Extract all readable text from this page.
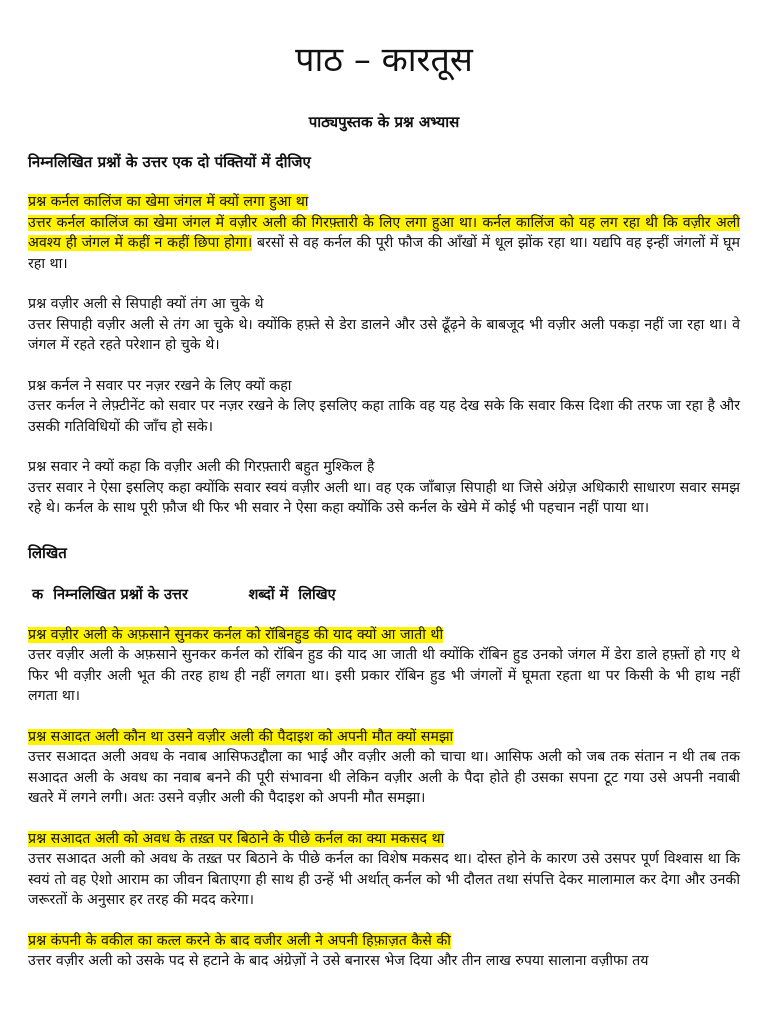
पाठ – कारतूस
पाठ्यपुस्तक के प्रश्न अभ्यास
निम्नलिखित प्रश्नों के उत्तर एक दो पंक्तियों में दीजिए

प्रश्न कर्नल कालिंज का खेमा जंगल में क्यों लगा हुआ था

उत्तर कर्नल कालिंज का खेमा जंगल में वज़ीर अली की गिरफ़्तारी के लिए लगा हुआ था। कर्नल कालिंज को यह लग रहा थी कि वज़ीर अली अवश्य ही जंगल में कहीं न कहीं छिपा होगा। बरसों से वह कर्नल की पूरी फौज की आँखों में धूल झोंक रहा था। यद्यपि वह इन्हीं जंगलों में घूम रहा था।

प्रश्न वज़ीर अली से सिपाही क्यों तंग आ चुके थे

उत्तर सिपाही वज़ीर अली से तंग आ चुके थे। क्योंकि हफ़्ते से डेरा डालने और उसे ढूँढ़ने के बाबजूद भी वज़ीर अली पकड़ा नहीं जा रहा था। वे जंगल में रहते रहते परेशान हो चुके थे।

प्रश्न कर्नल ने सवार पर नज़र रखने के लिए क्यों कहा

उत्तर कर्नल ने लेफ़्टीनेंट को सवार पर नज़र रखने के लिए इसलिए कहा ताकि वह यह देख सके कि सवार किस दिशा की तरफ जा रहा है और उसकी गतिविधियों की जाँच हो सके।

प्रश्न सवार ने क्यों कहा कि वज़ीर अली की गिरफ़्तारी बहुत मुश्किल है

उत्तर सवार ने ऐसा इसलिए कहा क्योंकि सवार स्वयं वज़ीर अली था। वह एक जाँबाज़ सिपाही था जिसे अंग्रेज़ अधिकारी साधारण सवार समझ रहे थे। कर्नल के साथ पूरी फ़ौज थी फिर भी सवार ने ऐसा कहा क्योंकि उसे कर्नल के खेमे में कोई भी पहचान नहीं पाया था।

लिखित
क  निम्नलिखित प्रश्नों के उत्तर            शब्दों में  लिखिए

प्रश्न वज़ीर अली के अफ़साने सुनकर कर्नल को रॉबिनहुड की याद क्यों आ जाती थी

उत्तर वज़ीर अली के अफ़साने सुनकर कर्नल को रॉबिन हुड की याद आ जाती थी क्योंकि रॉबिन हुड उनको जंगल में डेरा डाले हफ़्तों हो गए थे फिर भी वज़ीर अली भूत की तरह हाथ ही नहीं लगता था। इसी प्रकार रॉबिन हुड भी जंगलों में घूमता रहता था पर किसी के भी हाथ नहीं लगता था।

प्रश्न सआदत अली कौन था उसने वज़ीर अली की पैदाइश को अपनी मौत क्यों समझा

उत्तर सआदत अली अवध के नवाब आसिफउद्दौला का भाई और वज़ीर अली को चाचा था। आसिफ अली को जब तक संतान न थी तब तक सआदत अली के अवध का नवाब बनने की पूरी संभावना थी लेकिन वज़ीर अली के पैदा होते ही उसका सपना टूट गया उसे अपनी नवाबी खतरे में लगने लगी। अतः उसने वज़ीर अली की पैदाइश को अपनी मौत समझा।

प्रश्न सआदत अली को अवध के तख़्त पर बिठाने के पीछे कर्नल का क्या मकसद था

उत्तर सआदत अली को अवध के तख़्त पर बिठाने के पीछे कर्नल का विशेष मकसद था। दोस्त होने के कारण उसे उसपर पूर्ण विश्वास था कि स्वयं तो वह ऐशो आराम का जीवन बिताएगा ही साथ ही उन्हें भी अर्थात् कर्नल को भी दौलत तथा संपत्ति देकर मालामाल कर देगा और उनकी जरूरतों के अनुसार हर तरह की मदद करेगा।

प्रश्न कंपनी के वकील का कत्ल करने के बाद वजीर अली ने अपनी हिफ़ाज़त कैसे की

उत्तर वज़ीर अली को उसके पद से हटाने के बाद अंग्रेज़ों ने उसे बनारस भेज दिया और तीन लाख रुपया सालाना वज़ीफा तय
